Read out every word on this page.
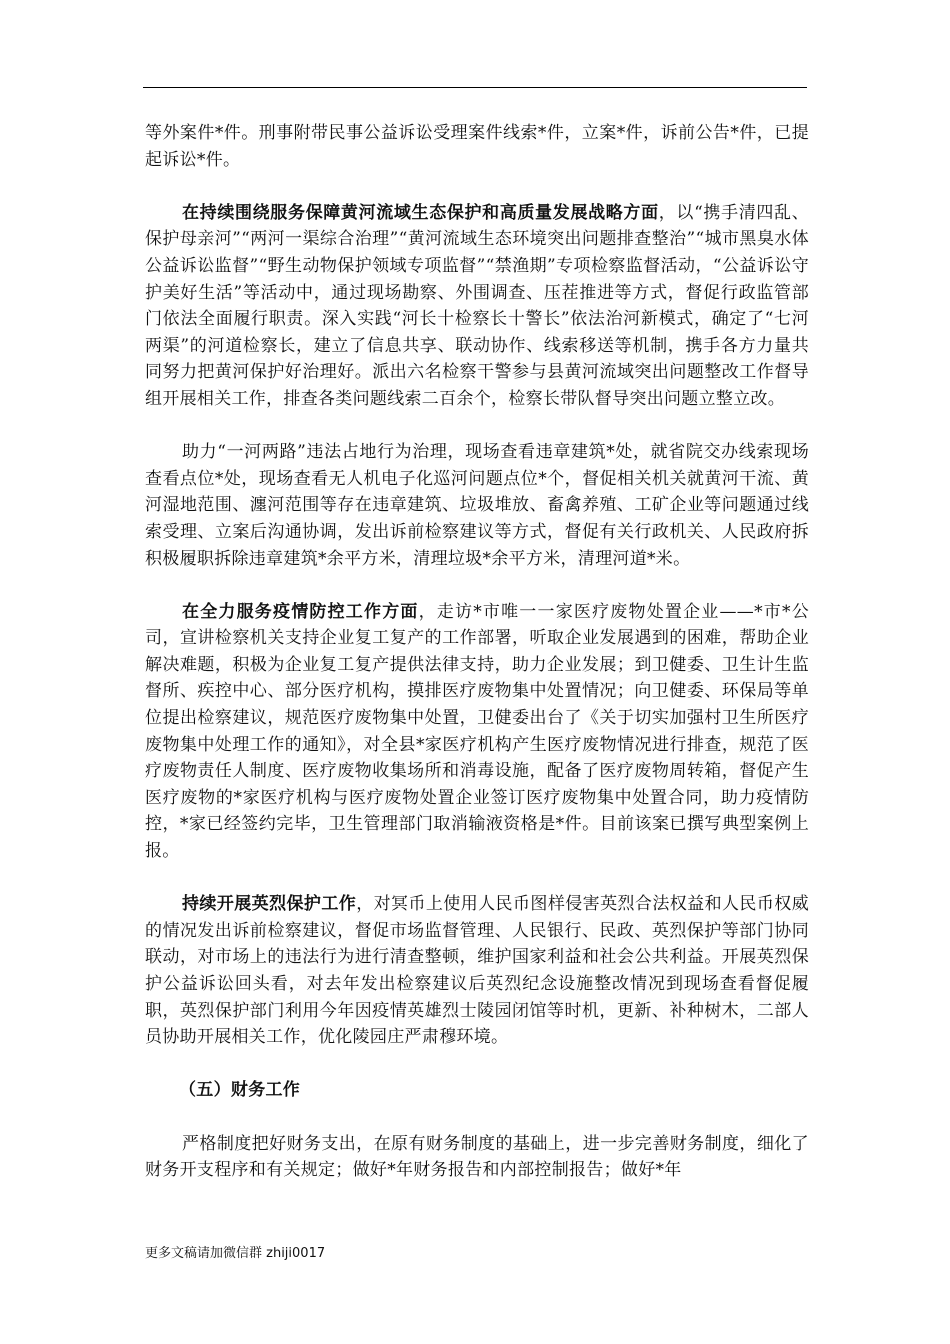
等外案件*件。刑事附带民事公益诉讼受理案件线索*件，立案*件，诉前公告*件，已提起诉讼*件。

在持续围绕服务保障黄河流域生态保护和高质量发展战略方面，以“携手清四乱、保护母亲河”“两河一渠综合治理”“黄河流域生态环境突出问题排查整治”“城市黑臭水体公益诉讼监督”“野生动物保护领域专项监督”“禁渔期”专项检察监督活动，“公益诉讼守护美好生活”等活动中，通过现场勘察、外围调查、压茬推进等方式，督促行政监管部门依法全面履行职责。深入实践“河长十检察长十警长”依法治河新模式，确定了“七河两渠”的河道检察长，建立了信息共享、联动协作、线索移送等机制，携手各方力量共同努力把黄河保护好治理好。派出六名检察干警参与县黄河流域突出问题整改工作督导组开展相关工作，排查各类问题线索二百余个，检察长带队督导突出问题立整立改。

助力“一河两路”违法占地行为治理，现场查看违章建筑*处，就省院交办线索现场查看点位*处，现场查看无人机电子化巡河问题点位*个，督促相关机关就黄河干流、黄河湿地范围、瀍河范围等存在违章建筑、垃圾堆放、畜禽养殖、工矿企业等问题通过线索受理、立案后沟通协调，发出诉前检察建议等方式，督促有关行政机关、人民政府拆积极履职拆除违章建筑*余平方米，清理垃圾*余平方米，清理河道*米。

在全力服务疫情防控工作方面，走访*市唯一一家医疗废物处置企业——*市*公司，宣讲检察机关支持企业复工复产的工作部署，听取企业发展遇到的困难，帮助企业解决难题，积极为企业复工复产提供法律支持，助力企业发展；到卫健委、卫生计生监督所、疾控中心、部分医疗机构，摸排医疗废物集中处置情况；向卫健委、环保局等单位提出检察建议，规范医疗废物集中处置，卫健委出台了《关于切实加强村卫生所医疗废物集中处理工作的通知》，对全县*家医疗机构产生医疗废物情况进行排查，规范了医疗废物责任人制度、医疗废物收集场所和消毒设施，配备了医疗废物周转箱，督促产生医疗废物的*家医疗机构与医疗废物处置企业签订医疗废物集中处置合同，助力疫情防控，*家已经签约完毕，卫生管理部门取消输液资格是*件。目前该案已撰写典型案例上报。

持续开展英烈保护工作，对冥币上使用人民币图样侵害英烈合法权益和人民币权威的情况发出诉前检察建议，督促市场监督管理、人民银行、民政、英烈保护等部门协同联动，对市场上的违法行为进行清查整顿，维护国家利益和社会公共利益。开展英烈保护公益诉讼回头看，对去年发出检察建议后英烈纪念设施整改情况到现场查看督促履职，英烈保护部门利用今年因疫情英雄烈士陵园闭馆等时机，更新、补种树木，二部人员协助开展相关工作，优化陵园庄严肃穆环境。

（五）财务工作

严格制度把好财务支出，在原有财务制度的基础上，进一步完善财务制度，细化了财务开支程序和有关规定；做好*年财务报告和内部控制报告；做好*年

更多文稿请加微信群 zhiji0017
